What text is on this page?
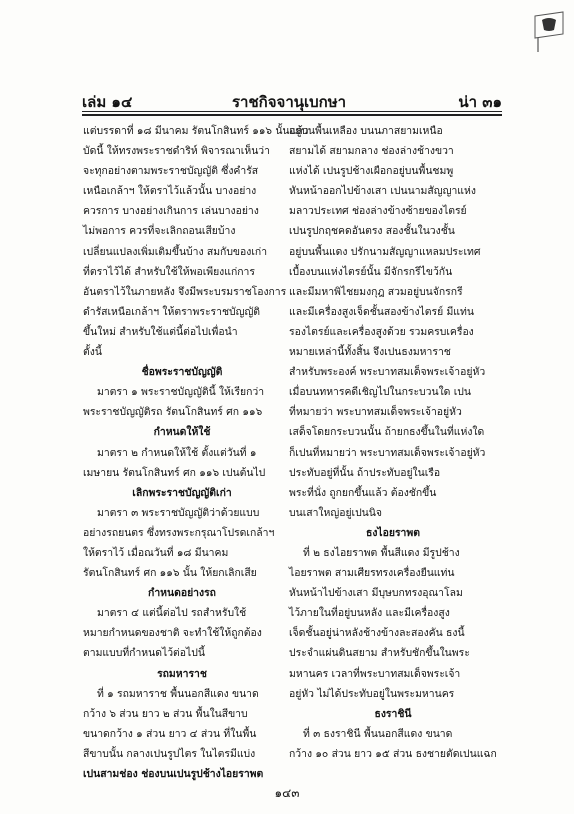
เล่ม ๑๔	ราชกิจจานุเบกษา	น่า ๓๑
แต่บรรดาที่ ๑๘ มีนาคม รัตนโกสินทร์ ๑๑๖ นั้นแล้ว
บัดนี้ ให้ทรงพระราชดำริห์ พิจารณาเห็นว่า
จะทุกอย่างตามพระราชบัญญัติ ซึ่งคำรัส
เหนือเกล้าฯ ให้ตราไว้แล้วนั้น บางอย่าง
ควรการ บางอย่างเกินการ เล่นบางอย่าง
ไม่พอการ ควรที่จะเลิกถอนเสียบ้าง
เปลี่ยนแปลงเพิ่มเติมขึ้นบ้าง สมกับของเก่า
ที่ตราไว้ได้ สำหรับใช้ให้พอเพียงแก่การ
อันตราไว้ในภายหลัง จึงมีพระบรมราชโองการ
ดำรัสเหนือเกล้าฯ ให้ตราพระราชบัญญัติ
ขึ้นใหม่ สำหรับใช้แต่นี้ต่อไปเพื่อนำ
ตั้งนี้
ชื่อพระราชบัญญัติ
มาตรา ๑ พระราชบัญญัตินี้ ให้เรียกว่า
พระราชบัญญัติรถ รัตนโกสินทร์ ศก ๑๑๖
กำหนดให้ใช้
มาตรา ๒ กำหนดให้ใช้ ตั้งแต่วันที่ ๑
เมษายน รัตนโกสินทร์ ศก ๑๑๖ เปนต้นไป
เลิกพระราชบัญญัติเก่า
มาตรา ๓ พระราชบัญญัติว่าด้วยแบบ
อย่างรถยนตร ซึ่งทรงพระกรุณาโปรดเกล้าฯ
ให้ตราไว้ เมื่อณวันที่ ๑๘ มีนาคม
รัตนโกสินทร์ ศก ๑๑๖ นั้น ให้ยกเลิกเสีย
กำหนดอย่างรถ
มาตรา ๔ แต่นี้ต่อไป รถสำหรับใช้
หมายกำหนดของชาติ จะทำใช้ให้ถูกต้อง
ตามแบบที่กำหนดไว้ต่อไปนี้
รถมหาราช
ที่ ๑ รถมหาราช พื้นนอกสีแดง ขนาด
กว้าง ๖ ส่วน ยาว ๒ ส่วน พื้นในสีขาบ
ขนาดกว้าง ๑ ส่วน ยาว ๔ ส่วน ที่ในพื้น
สีขาบนั้น กลางเปนรูปไตร ในไตรมีแบ่ง
เปนสามช่อง ช่องบนเปนรูปช้างไอยราพต
อยู่บนพื้นเหลือง บนนภาสยามเหนือ
สยามได้ สยามกลาง ช่องล่างช้างขวา
แห่งได้ เปนรูปช้างเผือกอยู่บนพื้นชมพู
หันหน้าออกไปข้างเสา เปนนามสัญญาแห่ง
มลาวประเทศ ช่องล่างข้างซ้ายของไตรย์
เปนรูปกฤชคดอันตรง สองชั้นในวงชั้น
อยู่บนพื้นแดง ปรักนามสัญญาแหลมประเทศ
เบื้องบนแห่งไตรย์นั้น มีจักรกรีไขว้กัน
และมีมหาพิไชยมงกุฎ สวมอยู่บนจักรกรี
และมีเครื่องสูงเจ็ดชั้นสองข้างไตรย์ มีแท่น
รองไตรย์และเครื่องสูงด้วย รวมครบเครื่อง
หมายเหล่านี้ทั้งสิ้น จึงเปนธงมหาราช
สำหรับพระองค์ พระบาทสมเด็จพระเจ้าอยู่หัว
เมื่อบนทหารคดีเชิญไปในกระบวนใด เปน
ที่หมายว่า พระบาทสมเด็จพระเจ้าอยู่หัว
เสด็จโดยกระบวนนั้น ถ้ายกธงขึ้นในที่แห่งใด
ก็เปนที่หมายว่า พระบาทสมเด็จพระเจ้าอยู่หัว
ประทับอยู่ที่นั้น ถ้าประทับอยู่ในเรือ
พระที่นั่ง ถูกยกขึ้นแล้ว ต้องชักขึ้น
บนเสาใหญ่อยู่เปนนิจ
ธงไอยราพต
ที่ ๒ ธงไอยราพต พื้นสีแดง มีรูปช้าง
ไอยราพต สามเศียรทรงเครื่องยืนแท่น
หันหน้าไปข้างเสา มีบุษบกทรงอุณาโลม
ไว้ภายในที่อยู่บนหลัง และมีเครื่องสูง
เจ็ดชั้นอยู่น่าหลังช้างข้างละสองคัน ธงนี้
ประจำแผ่นดินสยาม สำหรับชักขึ้นในพระ
มหานคร เวลาที่พระบาทสมเด็จพระเจ้า
อยู่หัว ไม่ได้ประทับอยู่ในพระมหานคร
ธงราชินี
ที่ ๓ ธงราชินี พื้นนอกสีแดง ขนาด
กว้าง ๑๐ ส่วน ยาว ๑๕ ส่วน ธงชายตัดเปนแฉก
๑๔๓
